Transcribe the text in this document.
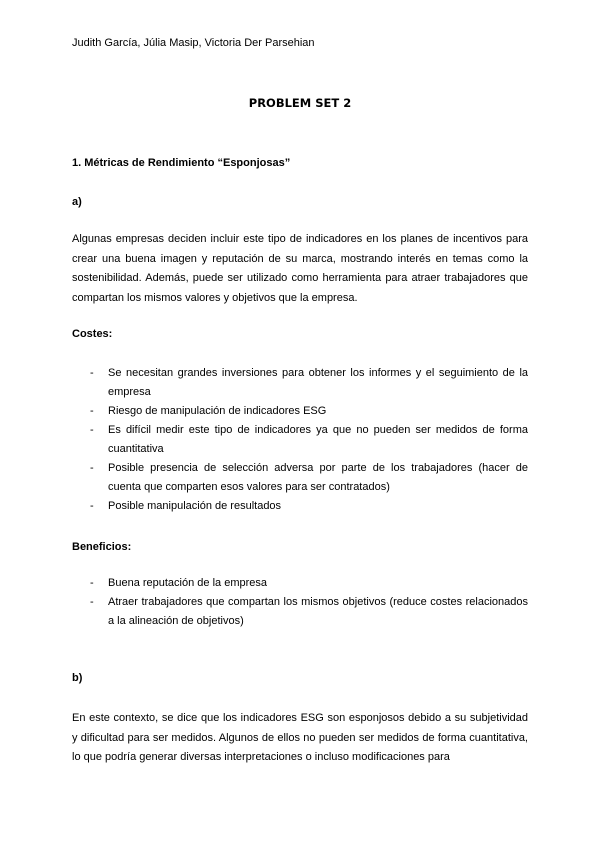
Judith García, Júlia Masip, Victoria Der Parsehian
PROBLEM SET 2
1. Métricas de Rendimiento “Esponjosas”
a)

Algunas empresas deciden incluir este tipo de indicadores en los planes de incentivos para crear una buena imagen y reputación de su marca, mostrando interés en temas como la sostenibilidad. Además, puede ser utilizado como herramienta para atraer trabajadores que compartan los mismos valores y objetivos que la empresa.

Costes:
- Se necesitan grandes inversiones para obtener los informes y el seguimiento de la empresa
- Riesgo de manipulación de indicadores ESG
- Es difícil medir este tipo de indicadores ya que no pueden ser medidos de forma cuantitativa
- Posible presencia de selección adversa por parte de los trabajadores (hacer de cuenta que comparten esos valores para ser contratados)
- Posible manipulación de resultados
Beneficios:
- Buena reputación de la empresa
- Atraer trabajadores que compartan los mismos objetivos (reduce costes relacionados a la alineación de objetivos)
b)

En este contexto, se dice que los indicadores ESG son esponjosos debido a su subjetividad y dificultad para ser medidos. Algunos de ellos no pueden ser medidos de forma cuantitativa, lo que podría generar diversas interpretaciones o incluso modificaciones para
